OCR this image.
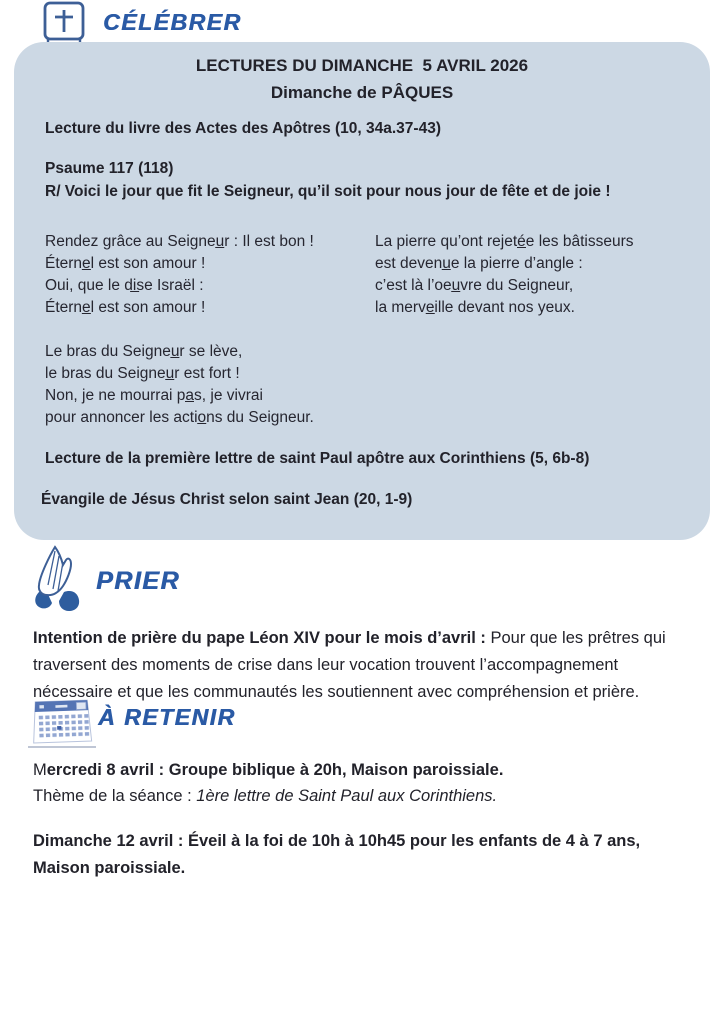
CÉLÉBRER
LECTURES DU DIMANCHE  5 AVRIL 2026
Dimanche de PÂQUES
Lecture du livre des Actes des Apôtres (10, 34a.37-43)
Psaume 117 (118)
R/ Voici le jour que fit le Seigneur, qu’il soit pour nous jour de fête et de joie !
Rendez grâce au Seigneu̲r : Il est bon !
Éterne̲l est son amour !
Oui, que le di̲se Israël :
Éterne̲l est son amour !
La pierre qu’ont rejeté̲e les bâtisseurs
est devenu̲e la pierre d’angle :
c’est là l’oeu̲vre du Seigneur,
la merve̲ille devant nos yeux.
Le bras du Seigneu̲r se lève,
le bras du Seigneu̲r est fort !
Non, je ne mourrai pa̲s, je vivrai
pour annoncer les actio̲ns du Seigneur.
Lecture de la première lettre de saint Paul apôtre aux Corinthiens (5, 6b-8)
Évangile de Jésus Christ selon saint Jean (20, 1-9)
PRIER

Intention de prière du pape Léon XIV pour le mois d’avril : Pour que les prêtres qui traversent des moments de crise dans leur vocation trouvent l’accompagnement nécessaire et que les communautés les soutiennent avec compréhension et prière.

À RETENIR
Mercredi 8 avril : Groupe biblique à 20h, Maison paroissiale.
Thème de la séance : 1ère lettre de Saint Paul aux Corinthiens.
Dimanche 12 avril : Éveil à la foi de 10h à 10h45 pour les enfants de 4 à 7 ans,
Maison paroissiale.
